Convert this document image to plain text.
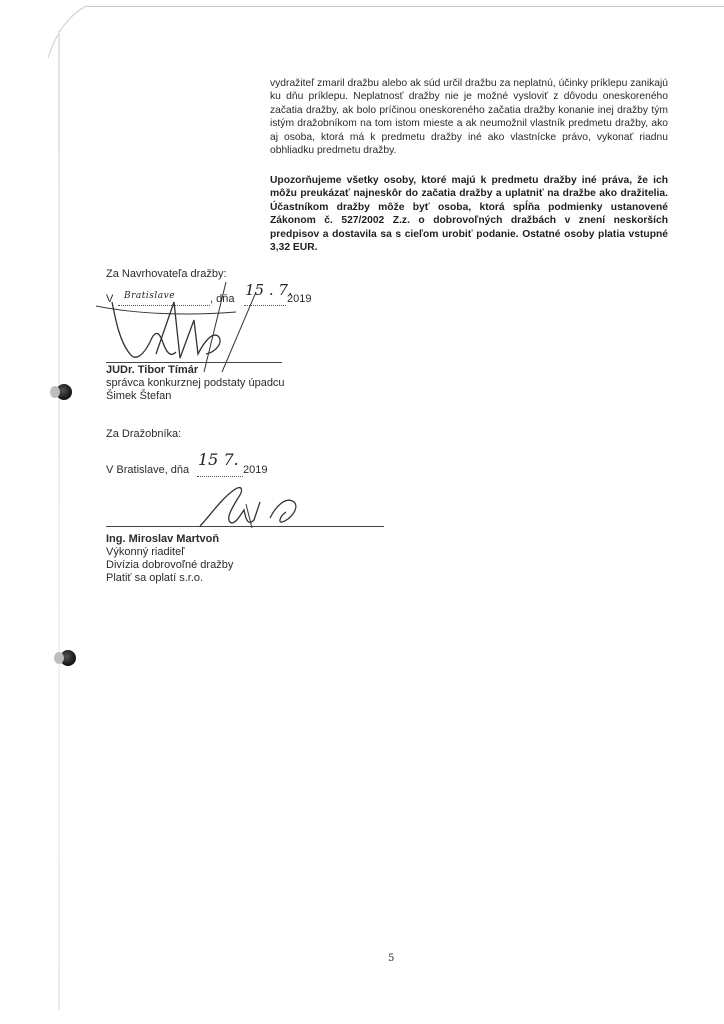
vydražiteľ zmaril dražbu alebo ak súd určil dražbu za neplatnú, účinky príklepu zanikajú ku dňu príklepu. Neplatnosť dražby nie je možné vysloviť z dôvodu oneskoreného začatia dražby, ak bolo príčinou oneskoreného začatia dražby konanie inej dražby tým istým dražobníkom na tom istom mieste a ak neumožnil vlastník predmetu dražby, ako aj osoba, ktorá má k predmetu dražby iné ako vlastnícke právo, vykonať riadnu obhliadku predmetu dražby.

Upozorňujeme všetky osoby, ktoré majú k predmetu dražby iné práva, že ich môžu preukázať najneskôr do začatia dražby a uplatniť na dražbe ako dražitelia. Účastníkom dražby môže byť osoba, ktorá spĺňa podmienky ustanovené Zákonom č. 527/2002 Z.z. o dobrovoľných dražbách v znení neskorších predpisov a dostavila sa s cieľom urobiť podanie. Ostatné osoby platia vstupné 3,32 EUR.

Za Navrhovateľa dražby:
V Bratislave	, dňa 15 . 7.
2019
JUDr. Tibor Tímár
správca konkurznej podstaty úpadcu
Šimek Štefan
Za Dražobníka:
V Bratislave, dňa
15 7.
2019
Ing. Miroslav Martvoň
Výkonný riaditeľ
Divízia dobrovoľné dražby
Platiť sa oplatí s.r.o.
5
